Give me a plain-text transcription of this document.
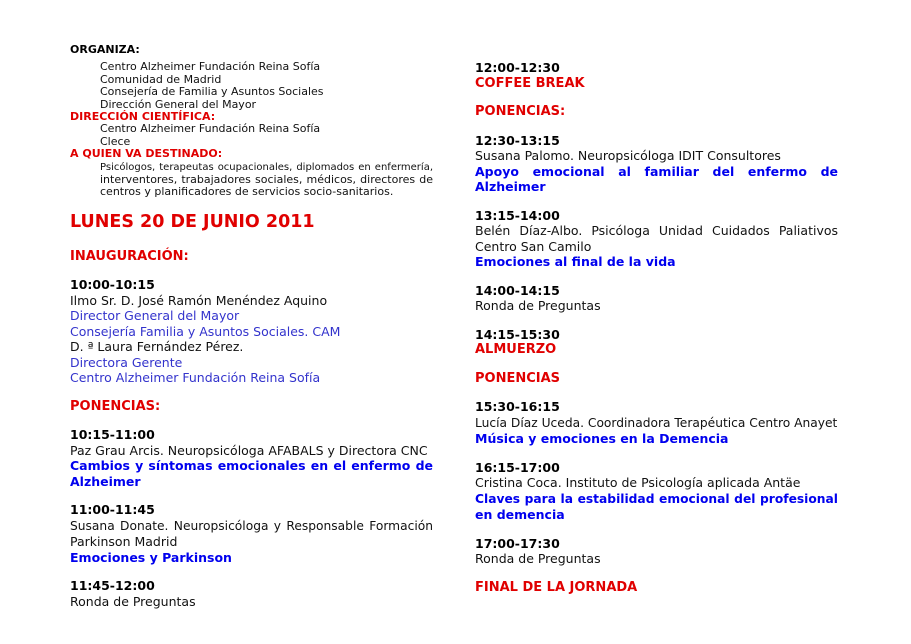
ORGANIZA:

Centro Alzheimer Fundación Reina Sofía

Comunidad de Madrid

Consejería de Familia y Asuntos Sociales

Dirección General del Mayor

DIRECCIÓN CIENTÍFICA:

Centro Alzheimer Fundación Reina Sofía

Clece

A QUIEN VA DESTINADO:

Psicólogos, terapeutas ocupacionales, diplomados en enfermería,

interventores, trabajadores sociales, médicos, directores de

centros y planificadores de servicios socio-sanitarios.

LUNES 20 DE JUNIO 2011

INAUGURACIÓN:

10:00-10:15

Ilmo Sr. D. José Ramón Menéndez Aquino

Director General del Mayor

Consejería Familia y Asuntos Sociales. CAM

D. ª Laura Fernández Pérez.

Directora Gerente

Centro Alzheimer Fundación Reina Sofía

PONENCIAS:

10:15-11:00

Paz Grau Arcis. Neuropsicóloga AFABALS y Directora CNC

Cambios y síntomas emocionales en el enfermo de

Alzheimer

11:00-11:45

Susana Donate. Neuropsicóloga y Responsable Formación

Parkinson Madrid

Emociones y Parkinson

11:45-12:00

Ronda de Preguntas

12:00-12:30

COFFEE BREAK

PONENCIAS:

12:30-13:15

Susana Palomo. Neuropsicóloga IDIT Consultores

Apoyo emocional al familiar del enfermo de

Alzheimer

13:15-14:00

Belén Díaz-Albo. Psicóloga Unidad Cuidados Paliativos

Centro San Camilo

Emociones al final de la vida

14:00-14:15

Ronda de Preguntas

14:15-15:30

ALMUERZO

PONENCIAS

15:30-16:15

Lucía Díaz Uceda. Coordinadora Terapéutica Centro Anayet

Música y emociones en la Demencia

16:15-17:00

Cristina Coca. Instituto de Psicología aplicada Antäe

Claves para la estabilidad emocional del profesional

en demencia

17:00-17:30

Ronda de Preguntas

FINAL DE LA JORNADA
